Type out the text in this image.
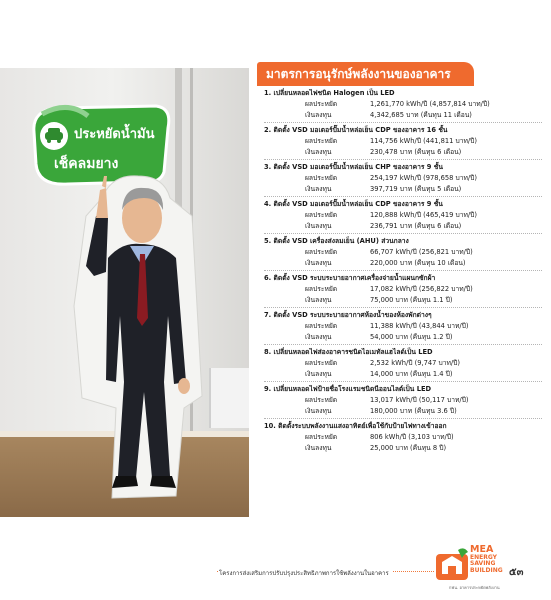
ประหยัดน้ำมัน
เช็คลมยาง
มาตรการอนุรักษ์พลังงานของอาคาร
1. เปลี่ยนหลอดไฟชนิด Halogen เป็น LED
ผลประหยัด	1,261,770 kWh/ปี (4,857,814 บาท/ปี)
เงินลงทุน	4,342,685 บาท (คืนทุน 11 เดือน)
2. ติดตั้ง VSD มอเตอร์ปั๊มน้ำหล่อเย็น CDP ของอาคาร 16 ชั้น
ผลประหยัด	114,756 kWh/ปี (441,811 บาท/ปี)
เงินลงทุน	230,478 บาท (คืนทุน 6 เดือน)
3. ติดตั้ง VSD มอเตอร์ปั๊มน้ำหล่อเย็น CHP ของอาคาร 9 ชั้น
ผลประหยัด	254,197 kWh/ปี (978,658 บาท/ปี)
เงินลงทุน	397,719 บาท (คืนทุน 5 เดือน)
4. ติดตั้ง VSD มอเตอร์ปั๊มน้ำหล่อเย็น CDP ของอาคาร 9 ชั้น
ผลประหยัด	120,888 kWh/ปี (465,419 บาท/ปี)
เงินลงทุน	236,791 บาท (คืนทุน 6 เดือน)
5. ติดตั้ง VSD เครื่องส่งลมเย็น (AHU) ส่วนกลาง
ผลประหยัด	66,707 kWh/ปี (256,821 บาท/ปี)
เงินลงทุน	220,000 บาท (คืนทุน 10 เดือน)
6. ติดตั้ง VSD ระบบระบายอากาศเครื่องจ่ายน้ำแผนกซักผ้า
ผลประหยัด	17,082 kWh/ปี (256,822 บาท/ปี)
เงินลงทุน	75,000 บาท (คืนทุน 1.1 ปี)
7. ติดตั้ง VSD ระบบระบายอากาศห้องน้ำของห้องพักต่างๆ
ผลประหยัด	11,388 kWh/ปี (43,844 บาท/ปี)
เงินลงทุน	54,000 บาท (คืนทุน 1.2 ปี)
8. เปลี่ยนหลอดไฟส่องอาคารชนิดไอเมทัลแฮไลด์เป็น LED
ผลประหยัด	2,532 kWh/ปี (9,747 บาท/ปี)
เงินลงทุน	14,000 บาท (คืนทุน 1.4 ปี)
9. เปลี่ยนหลอดไฟป้ายชื่อโรงแรมชนิดนีออนไลต์เป็น LED
ผลประหยัด	13,017 kWh/ปี (50,117 บาท/ปี)
เงินลงทุน	180,000 บาท (คืนทุน 3.6 ปี)
10. ติดตั้งระบบพลังงานแสงอาทิตย์เพื่อใช้กับป้ายไฟทางเข้าออก
ผลประหยัด	806 kWh/ปี (3,103 บาท/ปี)
เงินลงทุน	25,000 บาท (คืนทุน 8 ปี)
โครงการส่งเสริมการปรับปรุงประสิทธิภาพการใช้พลังงานในอาคาร
MEA
ENERGY
SAVING
BUILDING
กฟน. อาคารประหยัดพลังงาน
๕๓
